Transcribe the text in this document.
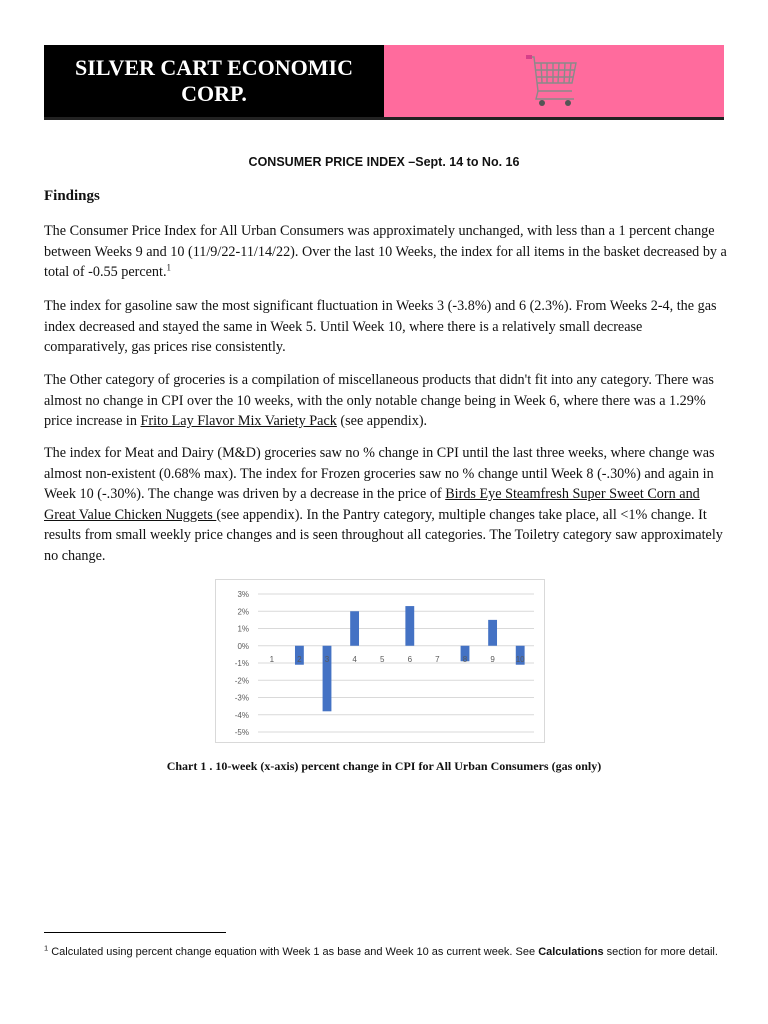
SILVER CART ECONOMIC
CORP.
CONSUMER PRICE INDEX –Sept. 14 to No. 16
Findings

The Consumer Price Index for All Urban Consumers was approximately unchanged, with less than a 1 percent change between Weeks 9 and 10 (11/9/22-11/14/22). Over the last 10 Weeks, the index for all items in the basket decreased by a total of -0.55 percent.$^1$

The index for gasoline saw the most significant fluctuation in Weeks 3 (-3.8%) and 6 (2.3%). From Weeks 2-4, the gas index decreased and stayed the same in Week 5. Until Week 10, where there is a relatively small decrease comparatively, gas prices rise consistently.

The Other category of groceries is a compilation of miscellaneous products that didn't fit into any category. There was almost no change in CPI over the 10 weeks, with the only notable change being in Week 6, where there was a 1.29% price increase in Frito Lay Flavor Mix Variety Pack (see appendix).

The index for Meat and Dairy (M&D) groceries saw no % change in CPI until the last three weeks, where change was almost non-existent (0.68% max). The index for Frozen groceries saw no % change until Week 8 (-.30%) and again in Week 10 (-.30%). The change was driven by a decrease in the price of Birds Eye Steamfresh Super Sweet Corn and Great Value Chicken Nuggets (see appendix). In the Pantry category, multiple changes take place, all <1% change. It results from small weekly price changes and is seen throughout all categories. The Toiletry category saw approximately no change.

3%
2%
1%
0%
-1%
-2%
-3%
-4%
-5%
1	2	3	4	5	6	7	8	9	10
Chart 1 . 10-week (x-axis) percent change in CPI for All Urban Consumers (gas only)
$^1$ Calculated using percent change equation with Week 1 as base and Week 10 as current week. See Calculations section for more detail.
